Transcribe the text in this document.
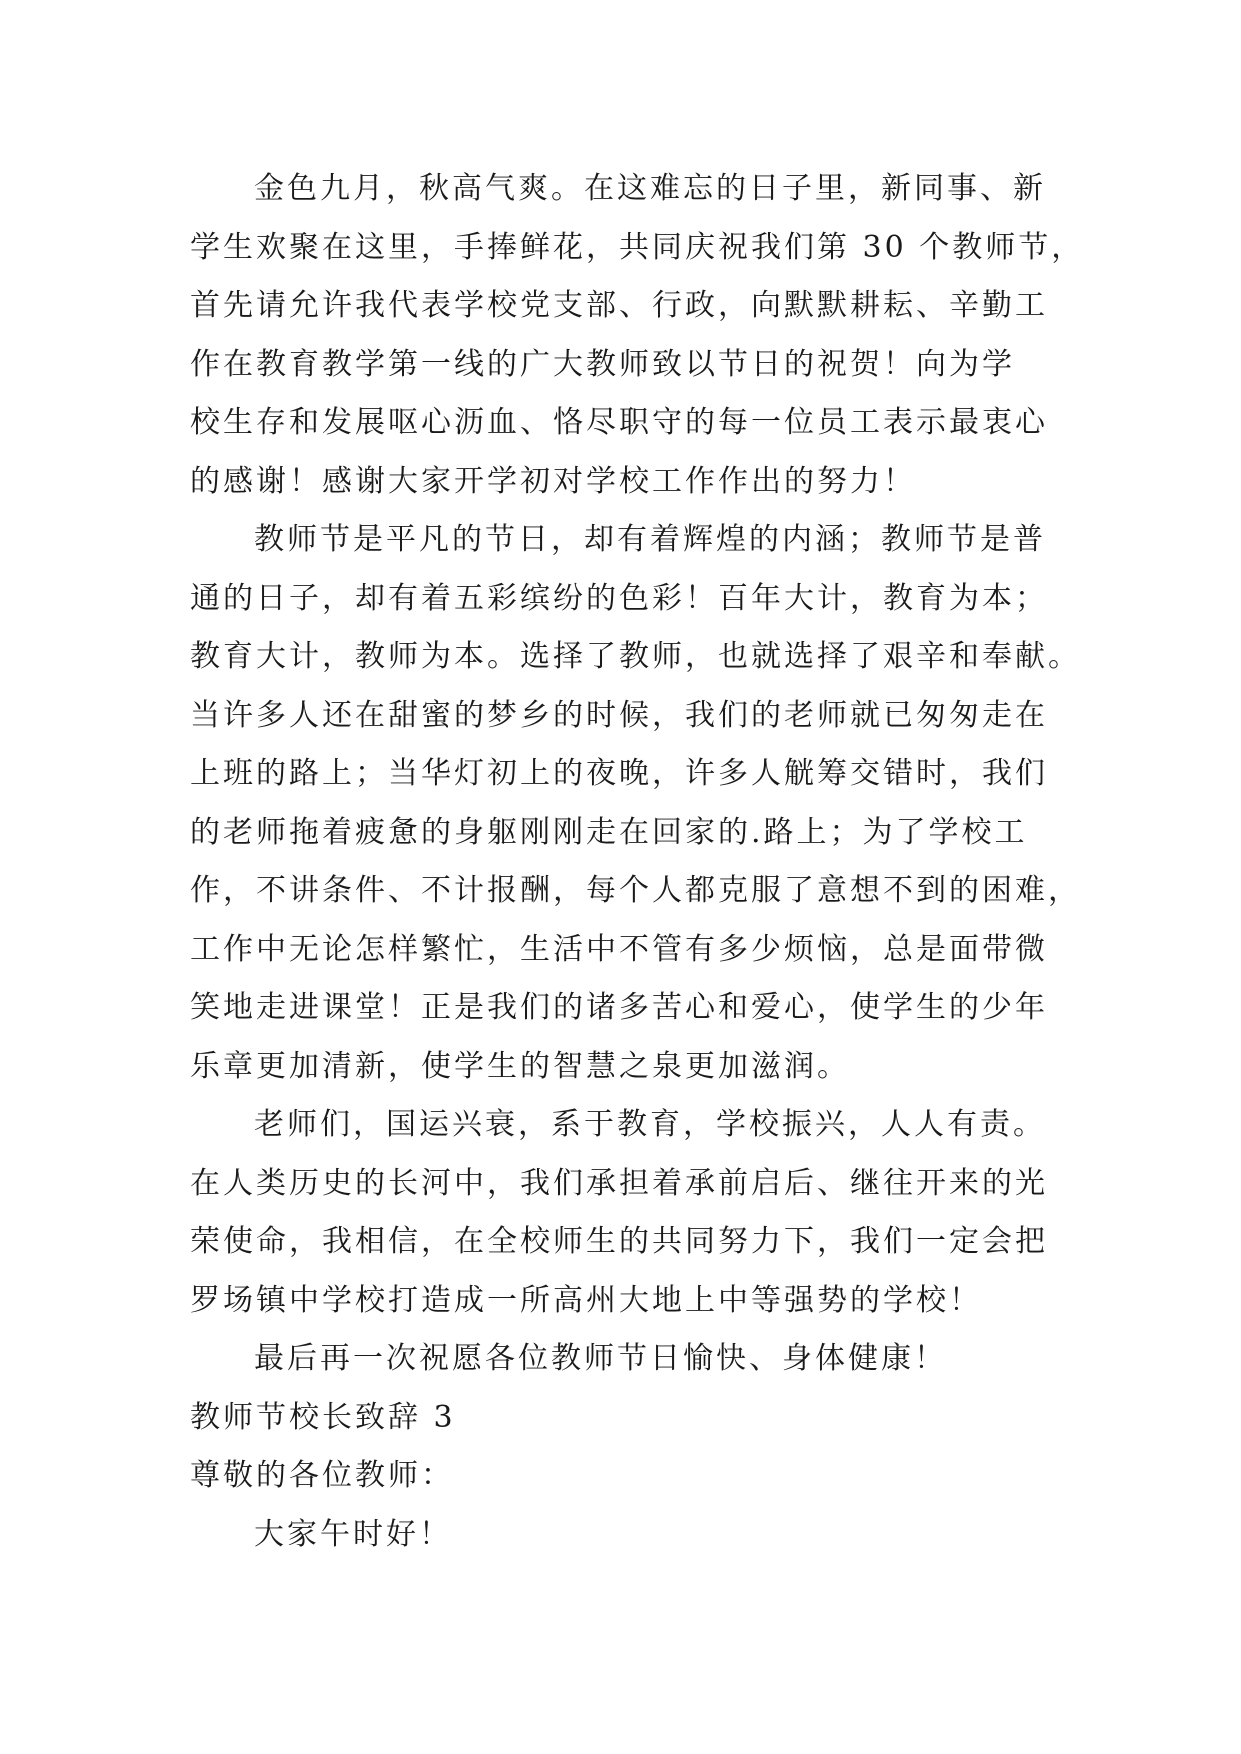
金色九月，秋高气爽。在这难忘的日子里，新同事、新
学生欢聚在这里，手捧鲜花，共同庆祝我们第 30 个教师节，
首先请允许我代表学校党支部、行政，向默默耕耘、辛勤工
作在教育教学第一线的广大教师致以节日的祝贺！向为学
校生存和发展呕心沥血、恪尽职守的每一位员工表示最衷心
的感谢！感谢大家开学初对学校工作作出的努力！
教师节是平凡的节日，却有着辉煌的内涵；教师节是普
通的日子，却有着五彩缤纷的色彩！百年大计，教育为本；
教育大计，教师为本。选择了教师，也就选择了艰辛和奉献。
当许多人还在甜蜜的梦乡的时候，我们的老师就已匆匆走在
上班的路上；当华灯初上的夜晚，许多人觥筹交错时，我们
的老师拖着疲惫的身躯刚刚走在回家的.路上；为了学校工
作，不讲条件、不计报酬，每个人都克服了意想不到的困难，
工作中无论怎样繁忙，生活中不管有多少烦恼，总是面带微
笑地走进课堂！正是我们的诸多苦心和爱心，使学生的少年
乐章更加清新，使学生的智慧之泉更加滋润。
老师们，国运兴衰，系于教育，学校振兴，人人有责。
在人类历史的长河中，我们承担着承前启后、继往开来的光
荣使命，我相信，在全校师生的共同努力下，我们一定会把
罗场镇中学校打造成一所高州大地上中等强势的学校！
最后再一次祝愿各位教师节日愉快、身体健康！
教师节校长致辞 3
尊敬的各位教师：
大家午时好！
